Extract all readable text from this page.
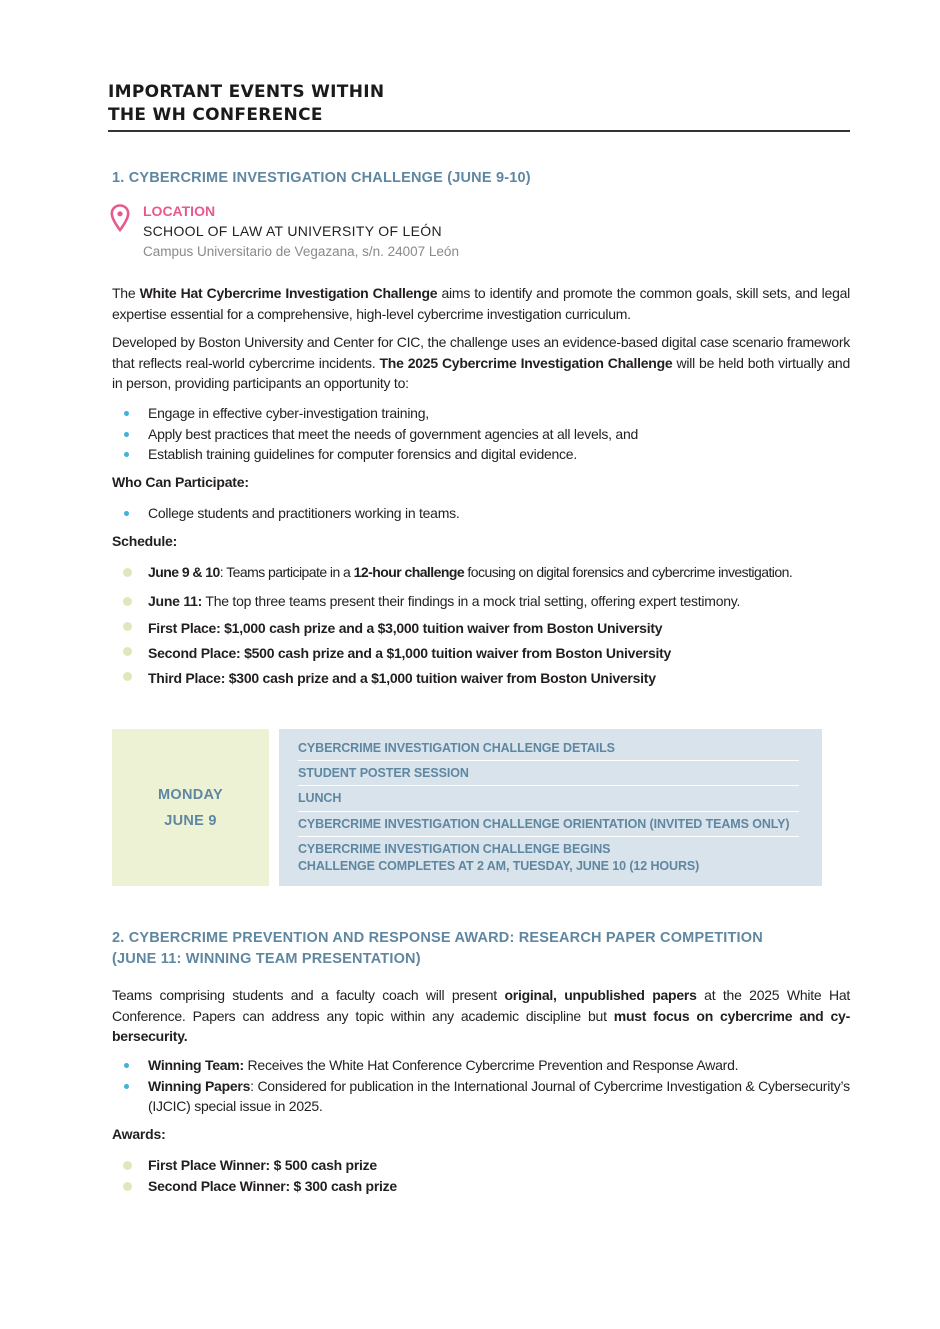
IMPORTANT EVENTS WITHIN
THE WH CONFERENCE
1. CYBERCRIME INVESTIGATION CHALLENGE (JUNE 9-10)
LOCATION
SCHOOL OF LAW AT UNIVERSITY OF LEÓN
Campus Universitario de Vegazana, s/n. 24007 León
The White Hat Cybercrime Investigation Challenge aims to identify and promote the common goals, skill sets, and legal expertise essential for a comprehensive, high-level cybercrime investigation curriculum.
Developed by Boston University and Center for CIC, the challenge uses an evidence-based digital case scenario framework that reflects real-world cybercrime incidents. The 2025 Cybercrime Investigation Challenge will be held both virtually and in person, providing participants an opportunity to:
Engage in effective cyber-investigation training,
Apply best practices that meet the needs of government agencies at all levels, and
Establish training guidelines for computer forensics and digital evidence.
Who Can Participate:
College students and practitioners working in teams.
Schedule:
June 9 & 10: Teams participate in a 12-hour challenge focusing on digital forensics and cybercrime investigation.
June 11: The top three teams present their findings in a mock trial setting, offering expert testimony.
First Place: $1,000 cash prize and a $3,000 tuition waiver from Boston University
Second Place: $500 cash prize and a $1,000 tuition waiver from Boston University
Third Place: $300 cash prize and a $1,000 tuition waiver from Boston University
MONDAY
JUNE 9
CYBERCRIME INVESTIGATION CHALLENGE DETAILS
STUDENT POSTER SESSION
LUNCH
CYBERCRIME INVESTIGATION CHALLENGE ORIENTATION (INVITED TEAMS ONLY)
CYBERCRIME INVESTIGATION CHALLENGE BEGINS
CHALLENGE COMPLETES AT 2 AM, TUESDAY, JUNE 10 (12 HOURS)
2. CYBERCRIME PREVENTION AND RESPONSE AWARD: RESEARCH PAPER COMPETITION
(JUNE 11: WINNING TEAM PRESENTATION)
Teams comprising students and a faculty coach will present original, unpublished papers at the 2025 White Hat Conference. Papers can address any topic within any academic discipline but must focus on cybercrime and cy-bersecurity.
Winning Team: Receives the White Hat Conference Cybercrime Prevention and Response Award.
Winning Papers: Considered for publication in the International Journal of Cybercrime Investigation & Cybersecurity’s (IJCIC) special issue in 2025.
Awards:
First Place Winner: $ 500 cash prize
Second Place Winner: $ 300 cash prize
